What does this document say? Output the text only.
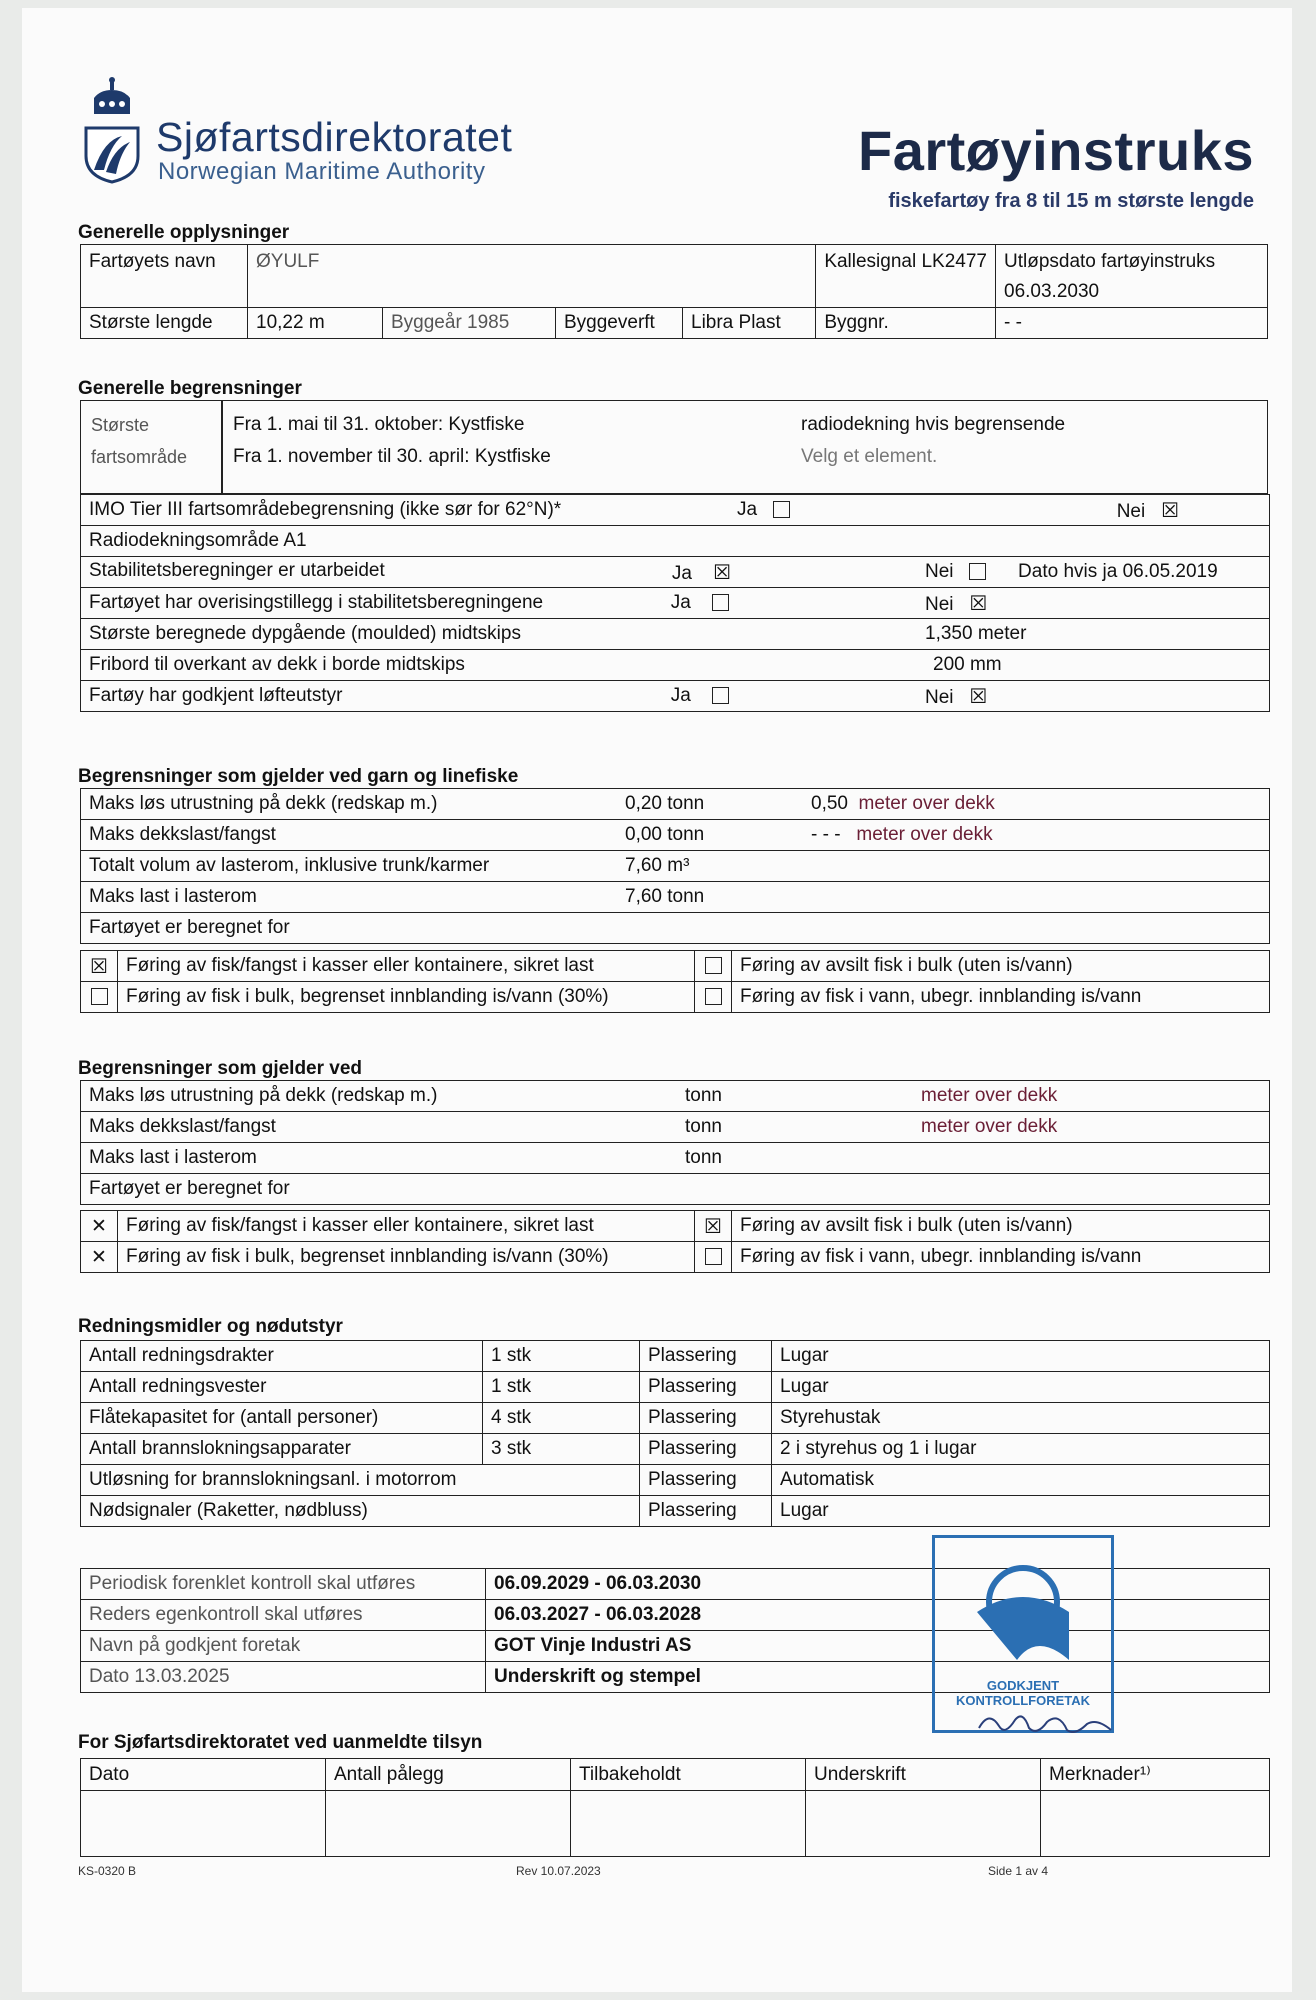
Sjøfartsdirektoratet
Norwegian Maritime Authority	Fartøyinstruks
fiskefartøy fra 8 til 15 m største lengde
Generelle opplysninger
Fartøyets navn	ØYULF				Kallesignal LK2477	Utløpsdato fartøyinstruks
06.03.2030
Største lengde	10,22 m	Byggeår 1985	Byggeverft	Libra Plast	Byggnr.	- -
Generelle begrensninger
Største
fartsområde
Fra 1. mai til 31. oktober: Kystfiske
Fra 1. november til 30. april: Kystfiske
radiodekning hvis begrensende
Velg et element.
IMO Tier III fartsområdebegrensning (ikke sør for 62°N)*	Ja	Nei ☒	
Radiodekningsområde A1			
Stabilitetsberegninger er utarbeidet Ja ☒	Nei Dato hvis ja 06.05.2019		
Fartøyet har overisingstillegg i stabilitetsberegningene Ja	Nei ☒		
Største beregnede dypgående (moulded) midtskips	1,350 meter		
Fribord til overkant av dekk i borde midtskips	200 mm		
Fartøy har godkjent løfteutstyr Ja	Nei ☒		
Begrensninger som gjelder ved garn og linefiske
Maks løs utrustning på dekk (redskap m.)	0,20 tonn	0,50 meter over dekk
Maks dekkslast/fangst	0,00 tonn	- - - meter over dekk
Totalt volum av lasterom, inklusive trunk/karmer	7,60 m³	
Maks last i lasterom	7,60 tonn	
Fartøyet er beregnet for		
☒	Føring av fisk/fangst i kasser eller kontainere, sikret last		Føring av avsilt fisk i bulk (uten is/vann)
	Føring av fisk i bulk, begrenset innblanding is/vann (30%)		Føring av fisk i vann, ubegr. innblanding is/vann
Begrensninger som gjelder ved
Maks løs utrustning på dekk (redskap m.)	tonn	meter over dekk
Maks dekkslast/fangst	tonn	meter over dekk
Maks last i lasterom	tonn	
Fartøyet er beregnet for		
✕	Føring av fisk/fangst i kasser eller kontainere, sikret last	☒	Føring av avsilt fisk i bulk (uten is/vann)
✕	Føring av fisk i bulk, begrenset innblanding is/vann (30%)		Føring av fisk i vann, ubegr. innblanding is/vann
Redningsmidler og nødutstyr
Antall redningsdrakter	1 stk	Plassering	Lugar
Antall redningsvester	1 stk	Plassering	Lugar
Flåtekapasitet for (antall personer)	4 stk	Plassering	Styrehustak
Antall brannslokningsapparater	3 stk	Plassering	2 i styrehus og 1 i lugar
Utløsning for brannslokningsanl. i motorrom		Plassering	Automatisk
Nødsignaler (Raketter, nødbluss)		Plassering	Lugar
Periodisk forenklet kontroll skal utføres	06.09.2029 - 06.03.2030
Reders egenkontroll skal utføres	06.03.2027 - 06.03.2028
Navn på godkjent foretak	GOT Vinje Industri AS
Dato 13.03.2025	Underskrift og stempel	GODKJENT KONTROLLFORETAK
For Sjøfartsdirektoratet ved uanmeldte tilsyn
Dato	Antall pålegg	Tilbakeholdt	Underskrift	Merknader¹⁾

KS-0320 B	Rev 10.07.2023	Side 1 av 4
